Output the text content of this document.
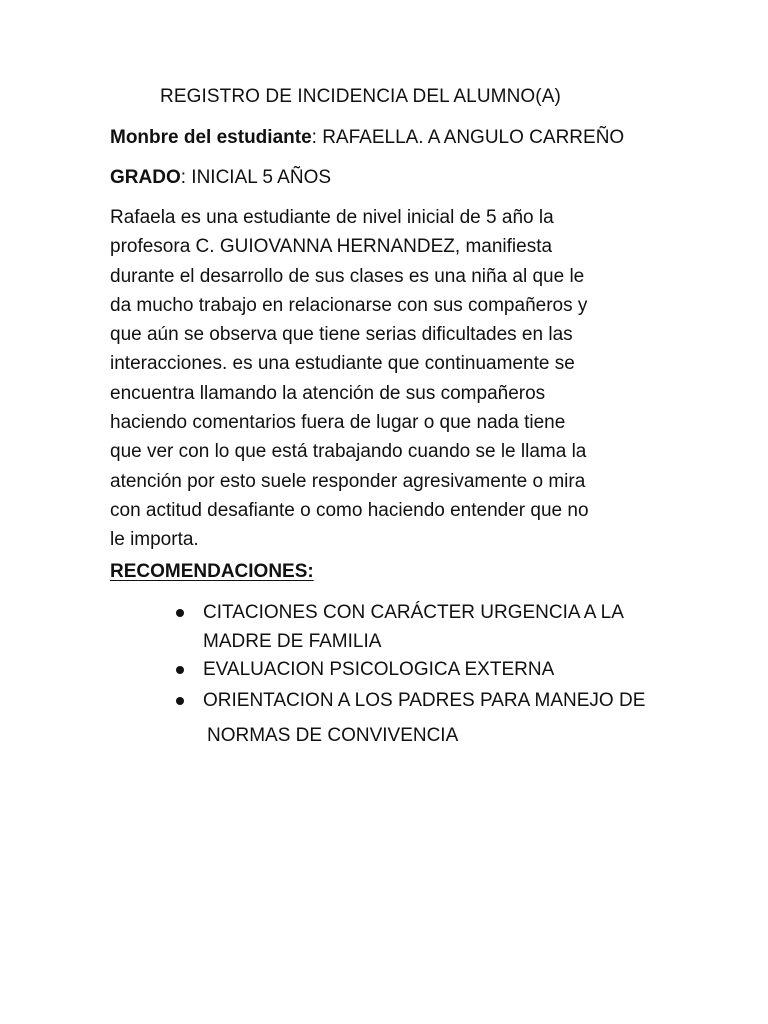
REGISTRO DE INCIDENCIA DEL ALUMNO(A)
Monbre del estudiante: RAFAELLA. A ANGULO CARREÑO
GRADO: INICIAL 5 AÑOS
Rafaela es una estudiante de nivel inicial de 5 año la
profesora C. GUIOVANNA HERNANDEZ, manifiesta
durante el desarrollo de sus clases es una niña al que le
da mucho trabajo en relacionarse con sus compañeros y
que aún se observa que tiene serias dificultades en las
interacciones. es una estudiante que continuamente se
encuentra llamando la atención de sus compañeros
haciendo comentarios fuera de lugar o que nada tiene
que ver con lo que está trabajando cuando se le llama la
atención por esto suele responder agresivamente o mira
con actitud desafiante o como haciendo entender que no
le importa.
RECOMENDACIONES:
CITACIONES CON CARÁCTER URGENCIA A LA
MADRE DE FAMILIA
EVALUACION PSICOLOGICA EXTERNA
ORIENTACION A LOS PADRES PARA MANEJO DE
NORMAS DE CONVIVENCIA
